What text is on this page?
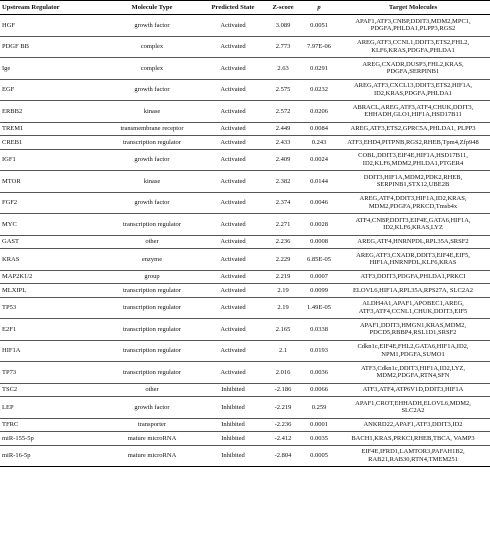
Upstream Regulator	Molecule Type	Predicted State	Z-score	p	Target Molecules
HGF	growth factor	Activated	3.089	0.0051	APAF1,ATF3,CNBP,DDIT3,MDM2,MPC1,
PDGFA,PHLDA1,PLPP3,RGS2

PDGF BB	complex	Activated	2.773	7.97E-06	AREG,ATF3,CCNL1,DDIT3,ETS2,FHL2,
KLF6,KRAS,PDGFA,PHLDA1

Ige	complex	Activated	2.63	0.0291	AREG,CXADR,DUSP3,FHL2,KRAS,
PDGFA,SERPINB1

EGF	growth factor	Activated	2.575	0.0232	AREG,ATF3,CXCL13,DDIT3,ETS2,HIF1A,
ID2,KRAS,PDGFA,PHLDA1

ERBB2	kinase	Activated	2.572	0.0206	ABRACL,AREG,ATF3,ATF4,CHUK,DDIT3,
EHHADH,GLO1,HIF1A,HSD17B11

TREM1	transmembrane receptor	Activated	2.449	0.0084	AREG,ATF3,ETS2,GPRC5A,PHLDA1, PLPP3

CREB1	transcription regulator	Activated	2.433	0.243	ATF3,EHD4,PITPNB,RGS2,RHEB,Tpm4,Zfp948

IGF1	growth factor	Activated	2.409	0.0024	COBL,DDIT3,EIF4E,HIF1A,HSD17B11,
ID2,KLF6,MDM2,PHLDA1,PTGER4

MTOR	kinase	Activated	2.382	0.0144	DDIT3,HIF1A,MDM2,PDK2,RHEB,
SERPINB1,STX12,UBE2B

FGF2	growth factor	Activated	2.374	0.0046	AREG,ATF4,DDIT3,HIF1A,ID2,KRAS,
MDM2,PDGFA,PRKCD,Tmsb4x

MYC	transcription regulator	Activated	2.271	0.0028	ATF4,CNBP,DDIT3,EIF4E,GATA6,HIF1A,
ID2,KLF6,KRAS,LYZ

GAST	other	Activated	2.236	0.0008	AREG,ATF4,HNRNPDL,RPL35A,SRSF2

KRAS	enzyme	Activated	2.229	6.85E-05	AREG,ATF3,CXADR,DDIT3,EIF4E,EIF5,
HIF1A,HNRNPDL,KLF6,KRAS

MAP2K1/2	group	Activated	2.219	0.0007	ATF3,DDIT3,PDGFA,PHLDA1,PRKCI

MLXIPL	transcription regulator	Activated	2.19	0.0099	ELOVL6,HIF1A,RPL35A,RPS27A, SLC2A2

TP53	transcription regulator	Activated	2.19	1.49E-05	ALDH4A1,APAF1,APOBEC1,AREG,
ATF3,ATF4,CCNL1,CHUK,DDIT3,EIF5

E2F1	transcription regulator	Activated	2.165	0.0338	APAF1,DDIT3,HMGN1,KRAS,MDM2,
PDCD5,RBBP4,RSL1D1,SRSF2

HIF1A	transcription regulator	Activated	2.1	0.0193	Cdkn1c,EIF4E,FHL2,GATA6,HIF1A,ID2,
NPM1,PDGFA,SUMO1

TP73	transcription regulator	Activated	2.016	0.0036	ATF3,Cdkn1c,DDIT3,HIF1A,ID2,LYZ,
MDM2,PDGFA,RTN4,SFN

TSC2	other	Inhibited	-2.186	0.0066	ATF3,ATF4,ATP6V1D,DDIT3,HIF1A

LEP	growth factor	Inhibited	-2.219	0.259	APAF1,CROT,EHHADH,ELOVL6,MDM2,
SLC2A2

TFRC	transporter	Inhibited	-2.236	0.0001	ANKRD22,APAF1,ATF3,DDIT3,ID2

miR-155-5p	mature microRNA	Inhibited	-2.412	0.0035	BACH1,KRAS,PRKCI,RHEB,TBCA, VAMP3

miR-16-5p	mature microRNA	Inhibited	-2.804	0.0005	EIF4E,IFRD1,LAMTOR3,PAFAH1B2,
RAB21,RAB30,RTN4,TMEM251
